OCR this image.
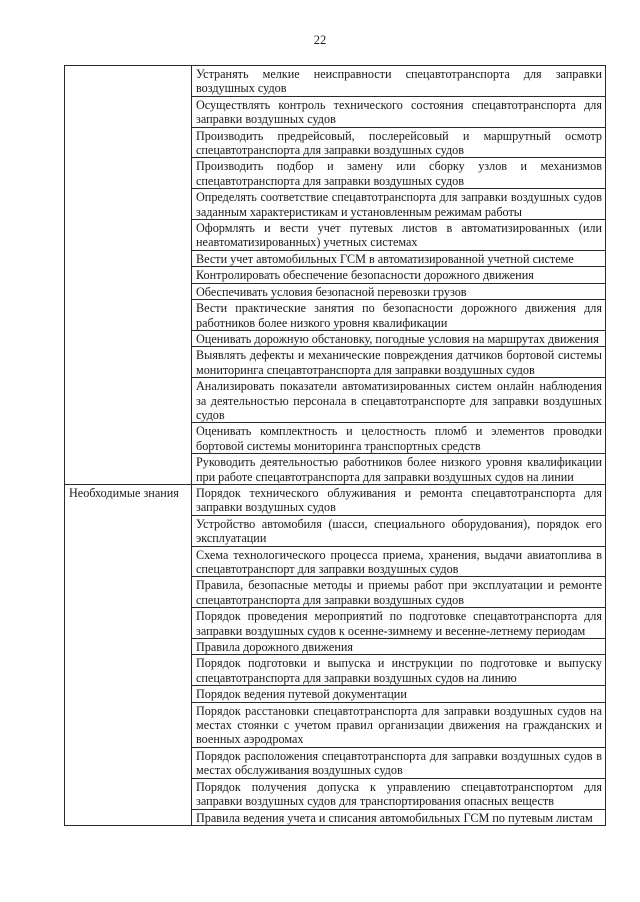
22
	Устранять мелкие неисправности спецавтотранспорта для заправки воздушных судов
	Осуществлять контроль технического состояния спецавтотранспорта для заправки воздушных судов
	Производить предрейсовый, послерейсовый и маршрутный осмотр спецавтотранспорта для заправки воздушных судов
	Производить подбор и замену или сборку узлов и механизмов спецавтотранспорта для заправки воздушных судов
	Определять соответствие спецавтотранспорта для заправки воздушных судов заданным характеристикам и установленным режимам работы
	Оформлять и вести учет путевых листов в автоматизированных (или неавтоматизированных) учетных системах
	Вести учет автомобильных ГСМ в автоматизированной учетной системе
	Контролировать обеспечение безопасности дорожного движения
	Обеспечивать условия безопасной перевозки грузов
	Вести практические занятия по безопасности дорожного движения для работников более низкого уровня квалификации
	Оценивать дорожную обстановку, погодные условия на маршрутах движения
	Выявлять дефекты и механические повреждения датчиков бортовой системы мониторинга спецавтотранспорта для заправки воздушных судов
	Анализировать показатели автоматизированных систем онлайн наблюдения за деятельностью персонала в спецавтотранспорте для заправки воздушных судов
	Оценивать комплектность и целостность пломб и элементов проводки бортовой системы мониторинга транспортных средств
	Руководить деятельностью работников более низкого уровня квалификации при работе спецавтотранспорта для заправки воздушных судов на линии
Необходимые знания	Порядок технического облуживания и ремонта спецавтотранспорта для заправки воздушных судов
	Устройство автомобиля (шасси, специального оборудования), порядок его эксплуатации
	Схема технологического процесса приема, хранения, выдачи авиатоплива в спецавтотранспорт для заправки воздушных судов
	Правила, безопасные методы и приемы работ при эксплуатации и ремонте спецавтотранспорта для заправки воздушных судов
	Порядок проведения мероприятий по подготовке спецавтотранспорта для заправки воздушных судов к осенне-зимнему и весенне-летнему периодам
	Правила дорожного движения
	Порядок подготовки и выпуска и инструкции по подготовке и выпуску спецавтотранспорта для заправки воздушных судов на линию
	Порядок ведения путевой документации
	Порядок расстановки спецавтотранспорта для заправки воздушных судов на местах стоянки с учетом правил организации движения на гражданских и военных аэродромах
	Порядок расположения спецавтотранспорта для заправки воздушных судов в местах обслуживания воздушных судов
	Порядок получения допуска к управлению спецавтотранспортом для заправки воздушных судов для транспортирования опасных веществ
	Правила ведения учета и списания автомобильных ГСМ по путевым листам
